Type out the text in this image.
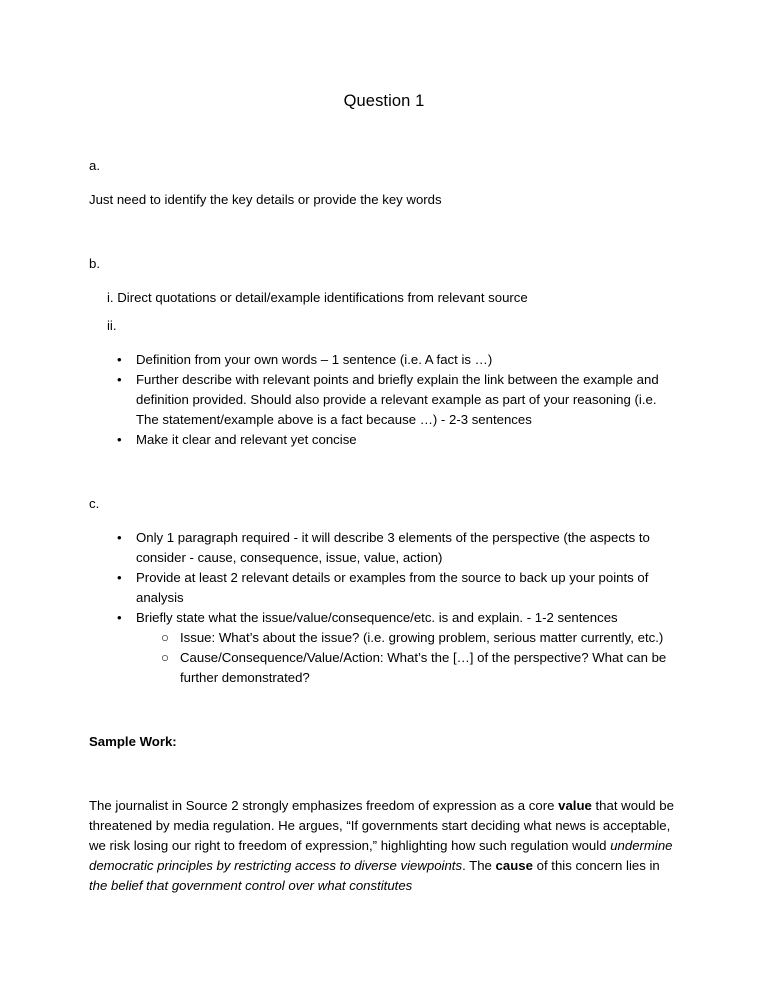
Question 1

a.

Just need to identify the key details or provide the key words

b.

i. Direct quotations or detail/example identifications from relevant source

ii.

•	Definition from your own words – 1 sentence (i.e. A fact is …)
•	Further describe with relevant points and briefly explain the link between the example and definition provided. Should also provide a relevant example as part of your reasoning (i.e. The statement/example above is a fact because …) - 2-3 sentences
•	Make it clear and relevant yet concise

c.

•	Only 1 paragraph required - it will describe 3 elements of the perspective (the aspects to consider - cause, consequence, issue, value, action)
•	Provide at least 2 relevant details or examples from the source to back up your points of analysis
•	Briefly state what the issue/value/consequence/etc. is and explain. - 1-2 sentences
○ Issue: What’s about the issue? (i.e. growing problem, serious matter currently, etc.)
○ Cause/Consequence/Value/Action: What’s the […] of the perspective? What can be further demonstrated?

Sample Work:

The journalist in Source 2 strongly emphasizes freedom of expression as a core value that would be threatened by media regulation. He argues, “If governments start deciding what news is acceptable, we risk losing our right to freedom of expression,” highlighting how such regulation would undermine democratic principles by restricting access to diverse viewpoints. The cause of this concern lies in the belief that government control over what constitutes
